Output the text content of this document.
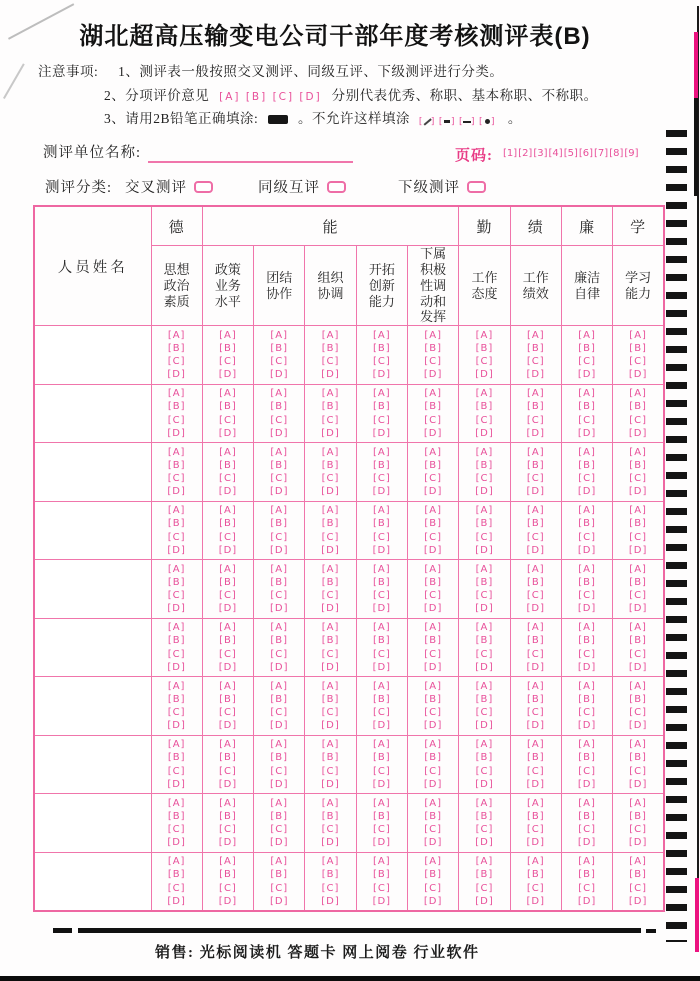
湖北超高压输变电公司干部年度考核测评表(B)
注意事项: 1、测评表一般按照交叉测评、同级互评、下级测评进行分类。
2、分项评价意见 [A] [B] [C] [D] 分别代表优秀、称职、基本称职、不称职。
3、请用2B铅笔正确填涂:	。不允许这样填涂 [ ] [ ] [ ] [ ] 。
测评单位名称:	页码: [1][2][3][4][5][6][7][8][9]
测评分类: 交叉测评	同级互评	下级测评
人员姓名	德	能					勤	绩	廉	学
	思想政治素质	政策业务水平	团结协作	组织协调	开拓创新能力	下属积极性调动和发挥	工作态度	工作绩效	廉洁自律	学习能力

	[A]
[B]
[C]
[D]	[A]
[B]
[C]
[D]	[A]
[B]
[C]
[D]	[A]
[B]
[C]
[D]	[A]
[B]
[C]
[D]	[A]
[B]
[C]
[D]	[A]
[B]
[C]
[D]	[A]
[B]
[C]
[D]	[A]
[B]
[C]
[D]	[A]
[B]
[C]
[D]

	[A]
[B]
[C]
[D]	[A]
[B]
[C]
[D]	[A]
[B]
[C]
[D]	[A]
[B]
[C]
[D]	[A]
[B]
[C]
[D]	[A]
[B]
[C]
[D]	[A]
[B]
[C]
[D]	[A]
[B]
[C]
[D]	[A]
[B]
[C]
[D]	[A]
[B]
[C]
[D]

	[A]
[B]
[C]
[D]	[A]
[B]
[C]
[D]	[A]
[B]
[C]
[D]	[A]
[B]
[C]
[D]	[A]
[B]
[C]
[D]	[A]
[B]
[C]
[D]	[A]
[B]
[C]
[D]	[A]
[B]
[C]
[D]	[A]
[B]
[C]
[D]	[A]
[B]
[C]
[D]

	[A]
[B]
[C]
[D]	[A]
[B]
[C]
[D]	[A]
[B]
[C]
[D]	[A]
[B]
[C]
[D]	[A]
[B]
[C]
[D]	[A]
[B]
[C]
[D]	[A]
[B]
[C]
[D]	[A]
[B]
[C]
[D]	[A]
[B]
[C]
[D]	[A]
[B]
[C]
[D]

	[A]
[B]
[C]
[D]	[A]
[B]
[C]
[D]	[A]
[B]
[C]
[D]	[A]
[B]
[C]
[D]	[A]
[B]
[C]
[D]	[A]
[B]
[C]
[D]	[A]
[B]
[C]
[D]	[A]
[B]
[C]
[D]	[A]
[B]
[C]
[D]	[A]
[B]
[C]
[D]

	[A]
[B]
[C]
[D]	[A]
[B]
[C]
[D]	[A]
[B]
[C]
[D]	[A]
[B]
[C]
[D]	[A]
[B]
[C]
[D]	[A]
[B]
[C]
[D]	[A]
[B]
[C]
[D]	[A]
[B]
[C]
[D]	[A]
[B]
[C]
[D]	[A]
[B]
[C]
[D]

	[A]
[B]
[C]
[D]	[A]
[B]
[C]
[D]	[A]
[B]
[C]
[D]	[A]
[B]
[C]
[D]	[A]
[B]
[C]
[D]	[A]
[B]
[C]
[D]	[A]
[B]
[C]
[D]	[A]
[B]
[C]
[D]	[A]
[B]
[C]
[D]	[A]
[B]
[C]
[D]

	[A]
[B]
[C]
[D]	[A]
[B]
[C]
[D]	[A]
[B]
[C]
[D]	[A]
[B]
[C]
[D]	[A]
[B]
[C]
[D]	[A]
[B]
[C]
[D]	[A]
[B]
[C]
[D]	[A]
[B]
[C]
[D]	[A]
[B]
[C]
[D]	[A]
[B]
[C]
[D]

	[A]
[B]
[C]
[D]	[A]
[B]
[C]
[D]	[A]
[B]
[C]
[D]	[A]
[B]
[C]
[D]	[A]
[B]
[C]
[D]	[A]
[B]
[C]
[D]	[A]
[B]
[C]
[D]	[A]
[B]
[C]
[D]	[A]
[B]
[C]
[D]	[A]
[B]
[C]
[D]

	[A]
[B]
[C]
[D]	[A]
[B]
[C]
[D]	[A]
[B]
[C]
[D]	[A]
[B]
[C]
[D]	[A]
[B]
[C]
[D]	[A]
[B]
[C]
[D]	[A]
[B]
[C]
[D]	[A]
[B]
[C]
[D]	[A]
[B]
[C]
[D]	[A]
[B]
[C]
[D]
销售: 光标阅读机 答题卡 网上阅卷 行业软件
